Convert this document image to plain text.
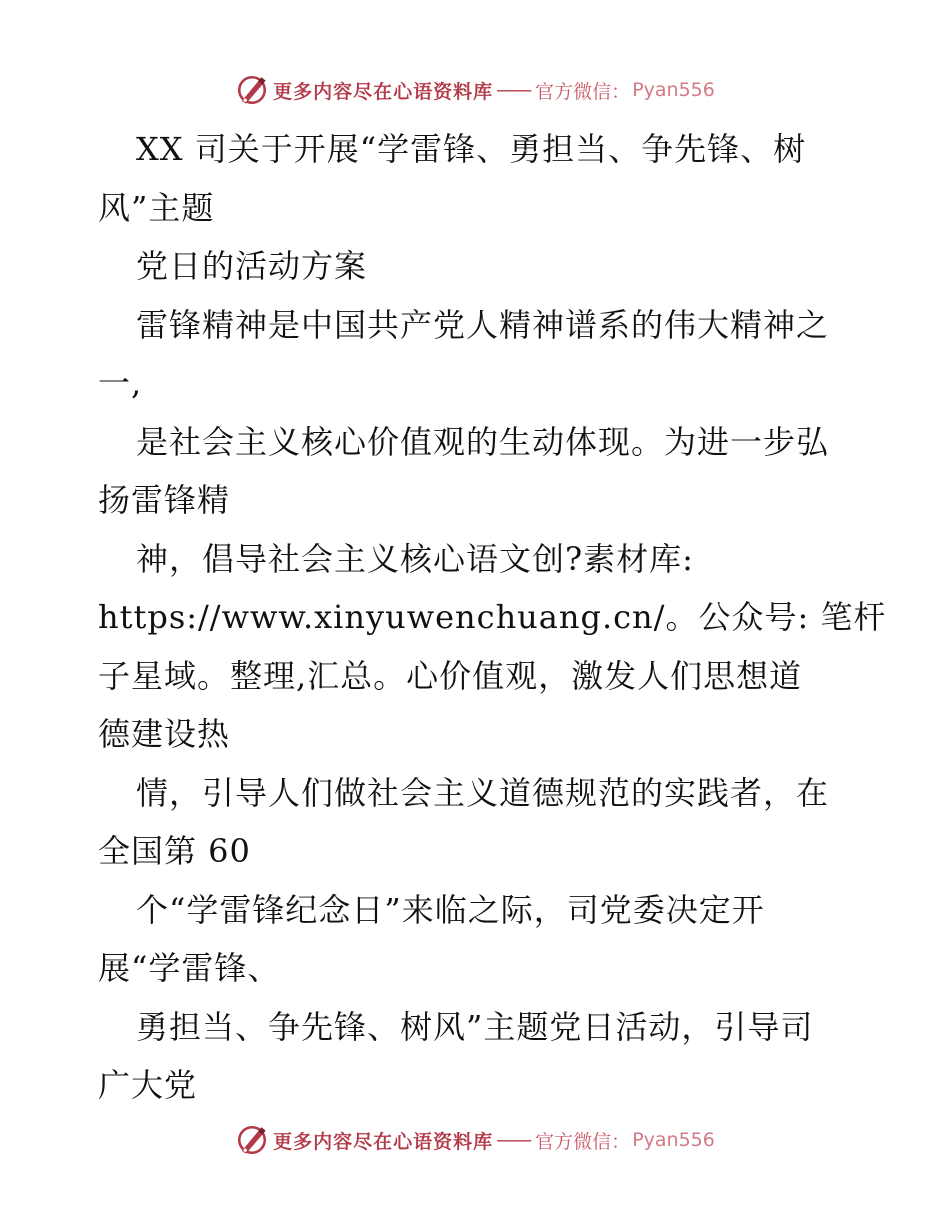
更多内容尽在心语资料库 —— 官方微信： Pyan556
XX 司关于开展“学雷锋、勇担当、争先锋、树
风”主题
党日的活动方案
雷锋精神是中国共产党人精神谱系的伟大精神之
一,
是社会主义核心价值观的生动体现。为进一步弘
扬雷锋精
神，倡导社会主义核心语文创?素材库:
https://www.xinyuwenchuang.cn/。公众号: 笔杆
子星域。整理,汇总。心价值观，激发人们思想道
德建设热
情，引导人们做社会主义道德规范的实践者，在
全国第 60
个“学雷锋纪念日”来临之际，司党委决定开
展“学雷锋、
勇担当、争先锋、树风”主题党日活动，引导司
广大党
更多内容尽在心语资料库 —— 官方微信： Pyan556
